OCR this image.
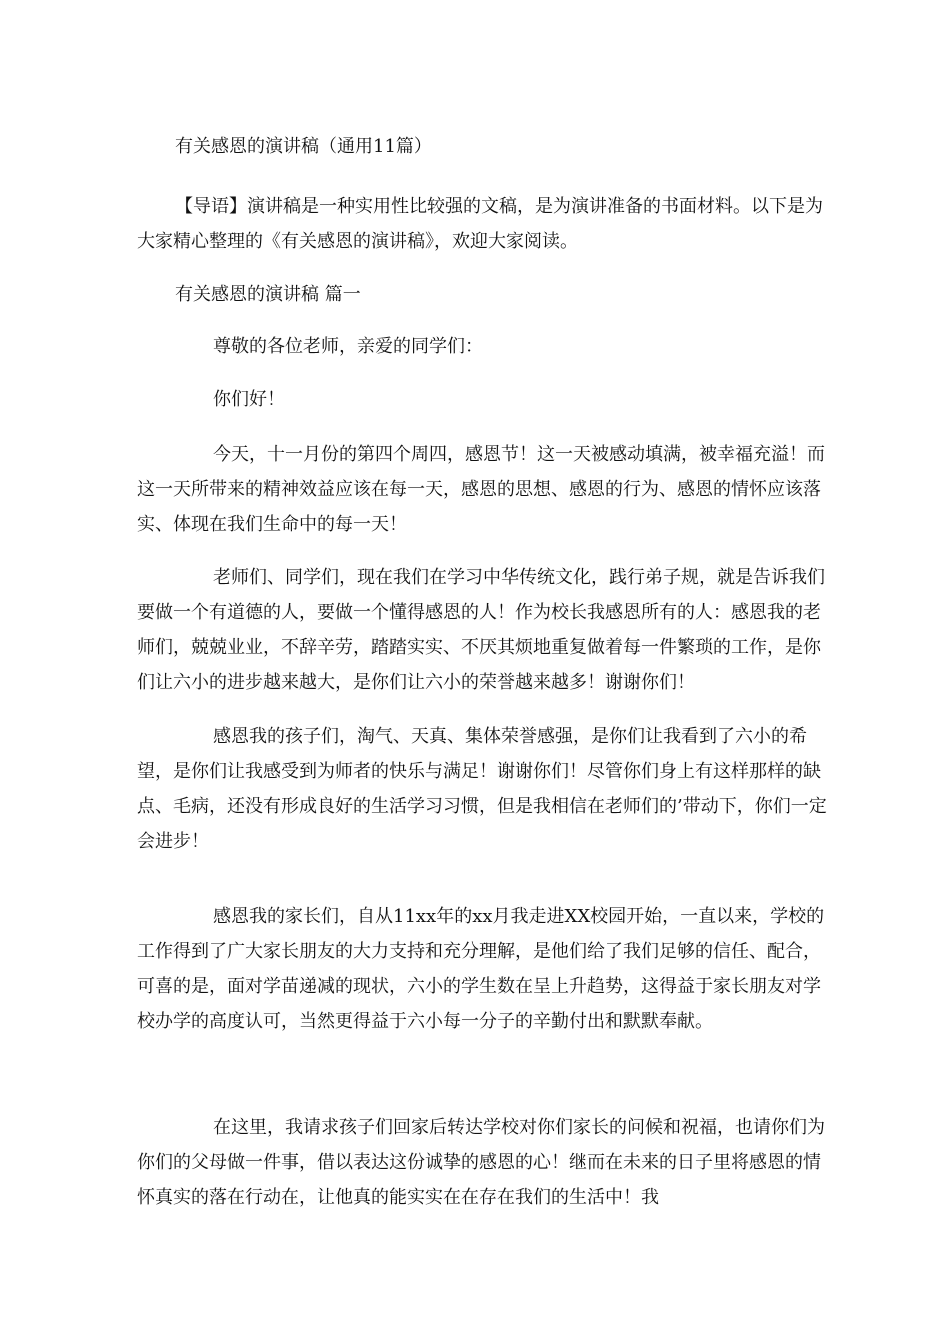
有关感恩的演讲稿（通用11篇）

【导语】演讲稿是一种实用性比较强的文稿，是为演讲准备的书面材料。以下是为大家精心整理的《有关感恩的演讲稿》，欢迎大家阅读。

有关感恩的演讲稿 篇一

尊敬的各位老师，亲爱的同学们：

你们好！

今天，十一月份的第四个周四，感恩节！这一天被感动填满，被幸福充溢！而这一天所带来的精神效益应该在每一天，感恩的思想、感恩的行为、感恩的情怀应该落实、体现在我们生命中的每一天！

老师们、同学们，现在我们在学习中华传统文化，践行弟子规，就是告诉我们要做一个有道德的人，要做一个懂得感恩的人！作为校长我感恩所有的人：感恩我的老师们，兢兢业业，不辞辛劳，踏踏实实、不厌其烦地重复做着每一件繁琐的工作，是你们让六小的进步越来越大，是你们让六小的荣誉越来越多！谢谢你们！

感恩我的孩子们，淘气、天真、集体荣誉感强，是你们让我看到了六小的希望，是你们让我感受到为师者的快乐与满足！谢谢你们！尽管你们身上有这样那样的缺点、毛病，还没有形成良好的生活学习习惯，但是我相信在老师们的’带动下，你们一定会进步！

感恩我的家长们，自从11xx年的xx月我走进XX校园开始，一直以来，学校的工作得到了广大家长朋友的大力支持和充分理解，是他们给了我们足够的信任、配合，可喜的是，面对学苗递减的现状，六小的学生数在呈上升趋势，这得益于家长朋友对学校办学的高度认可，当然更得益于六小每一分子的辛勤付出和默默奉献。

在这里，我请求孩子们回家后转达学校对你们家长的问候和祝福，也请你们为你们的父母做一件事，借以表达这份诚挚的感恩的心！继而在未来的日子里将感恩的情怀真实的落在行动在，让他真的能实实在在存在我们的生活中！我
